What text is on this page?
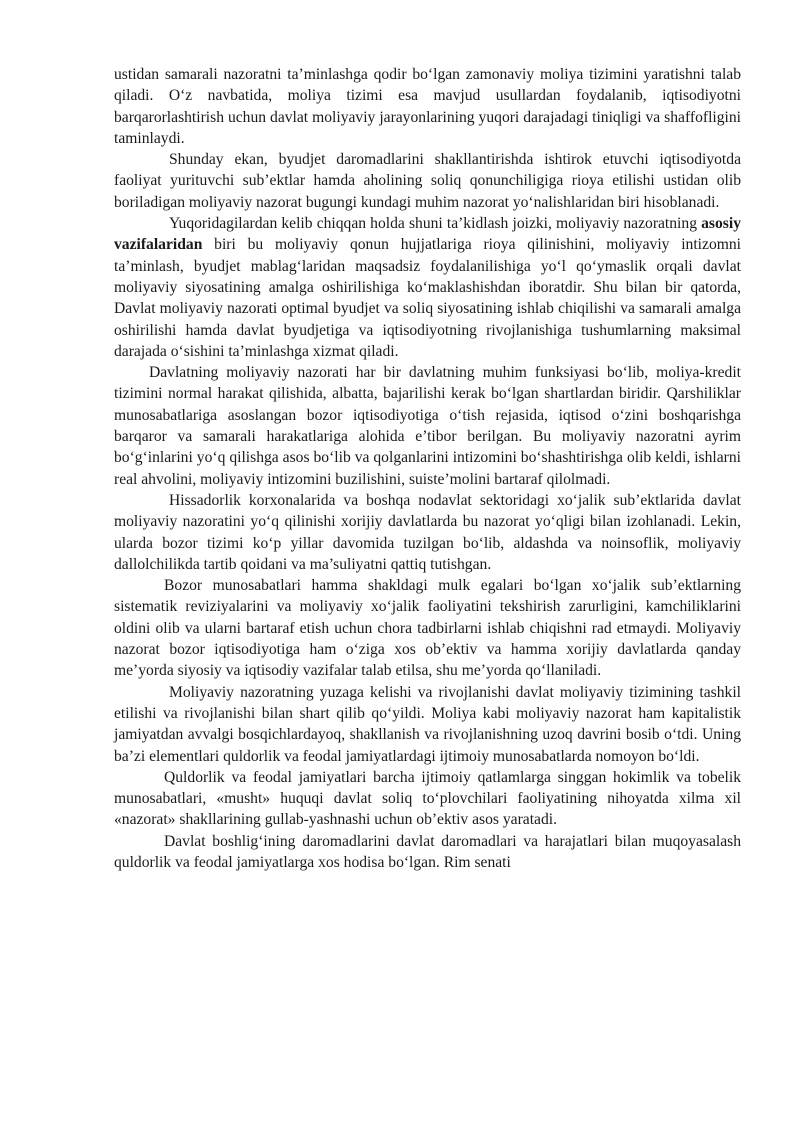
ustidan samarali nazoratni ta’minlashga qodir bo‘lgan zamonaviy moliya tizimini yaratishni talab qiladi. O‘z navbatida, moliya tizimi esa mavjud usullardan foydalanib, iqtisodiyotni barqarorlashtirish uchun davlat moliyaviy jarayonlarining yuqori darajadagi tiniqligi va shaffofligini taminlaydi.

Shunday ekan, byudjet daromadlarini shakllantirishda ishtirok etuvchi iqtisodiyotda faoliyat yurituvchi sub’ektlar hamda aholining soliq qonunchiligiga rioya etilishi ustidan olib boriladigan moliyaviy nazorat bugungi kundagi muhim nazorat yo‘nalishlaridan biri hisoblanadi.

Yuqoridagilardan kelib chiqqan holda shuni ta’kidlash joizki, moliyaviy nazoratning asosiy vazifalaridan biri bu moliyaviy qonun hujjatlariga rioya qilinishini, moliyaviy intizomni ta’minlash, byudjet mablag‘laridan maqsadsiz foydalanilishiga yo‘l qo‘ymaslik orqali davlat moliyaviy siyosatining amalga oshirilishiga ko‘maklashishdan iboratdir. Shu bilan bir qatorda, Davlat moliyaviy nazorati optimal byudjet va soliq siyosatining ishlab chiqilishi va samarali amalga oshirilishi hamda davlat byudjetiga va iqtisodiyotning rivojlanishiga tushumlarning maksimal darajada o‘sishini ta’minlashga xizmat qiladi.

Davlatning moliyaviy nazorati har bir davlatning muhim funksiyasi bo‘lib, moliya-kredit tizimini normal harakat qilishida, albatta, bajarilishi kerak bo‘lgan shartlardan biridir. Qarshiliklar munosabatlariga asoslangan bozor iqtisodiyotiga o‘tish rejasida, iqtisod o‘zini boshqarishga barqaror va samarali harakatlariga alohida e’tibor berilgan. Bu moliyaviy nazoratni ayrim bo‘g‘inlarini yo‘q qilishga asos bo‘lib va qolganlarini intizomini bo‘shashtirishga olib keldi, ishlarni real ahvolini, moliyaviy intizomini buzilishini, suiste’molini bartaraf qilolmadi.

Hissadorlik korxonalarida va boshqa nodavlat sektoridagi xo‘jalik sub’ektlarida davlat moliyaviy nazoratini yo‘q qilinishi xorijiy davlatlarda bu nazorat yo‘qligi bilan izohlanadi. Lekin, ularda bozor tizimi ko‘p yillar davomida tuzilgan bo‘lib, aldashda va noinsoflik, moliyaviy dallolchilikda tartib qoidani va ma’suliyatni qattiq tutishgan.

Bozor munosabatlari hamma shakldagi mulk egalari bo‘lgan xo‘jalik sub’ektlarning sistematik reviziyalarini va moliyaviy xo‘jalik faoliyatini tekshirish zarurligini, kamchiliklarini oldini olib va ularni bartaraf etish uchun chora tadbirlarni ishlab chiqishni rad etmaydi. Moliyaviy nazorat bozor iqtisodiyotiga ham o‘ziga xos ob’ektiv va hamma xorijiy davlatlarda qanday me’yorda siyosiy va iqtisodiy vazifalar talab etilsa, shu me’yorda qo‘llaniladi.

Moliyaviy nazoratning yuzaga kelishi va rivojlanishi davlat moliyaviy tizimining tashkil etilishi va rivojlanishi bilan shart qilib qo‘yildi. Moliya kabi moliyaviy nazorat ham kapitalistik jamiyatdan avvalgi bosqichlardayoq, shakllanish va rivojlanishning uzoq davrini bosib o‘tdi. Uning ba’zi elementlari quldorlik va feodal jamiyatlardagi ijtimoiy munosabatlarda nomoyon bo‘ldi.

Quldorlik va feodal jamiyatlari barcha ijtimoiy qatlamlarga singgan hokimlik va tobelik munosabatlari, «musht» huquqi davlat soliq to‘plovchilari faoliyatining nihoyatda xilma xil «nazorat» shakllarining gullab-yashnashi uchun ob’ektiv asos yaratadi.

Davlat boshlig‘ining daromadlarini davlat daromadlari va harajatlari bilan muqoyasalash quldorlik va feodal jamiyatlarga xos hodisa bo‘lgan. Rim senati
